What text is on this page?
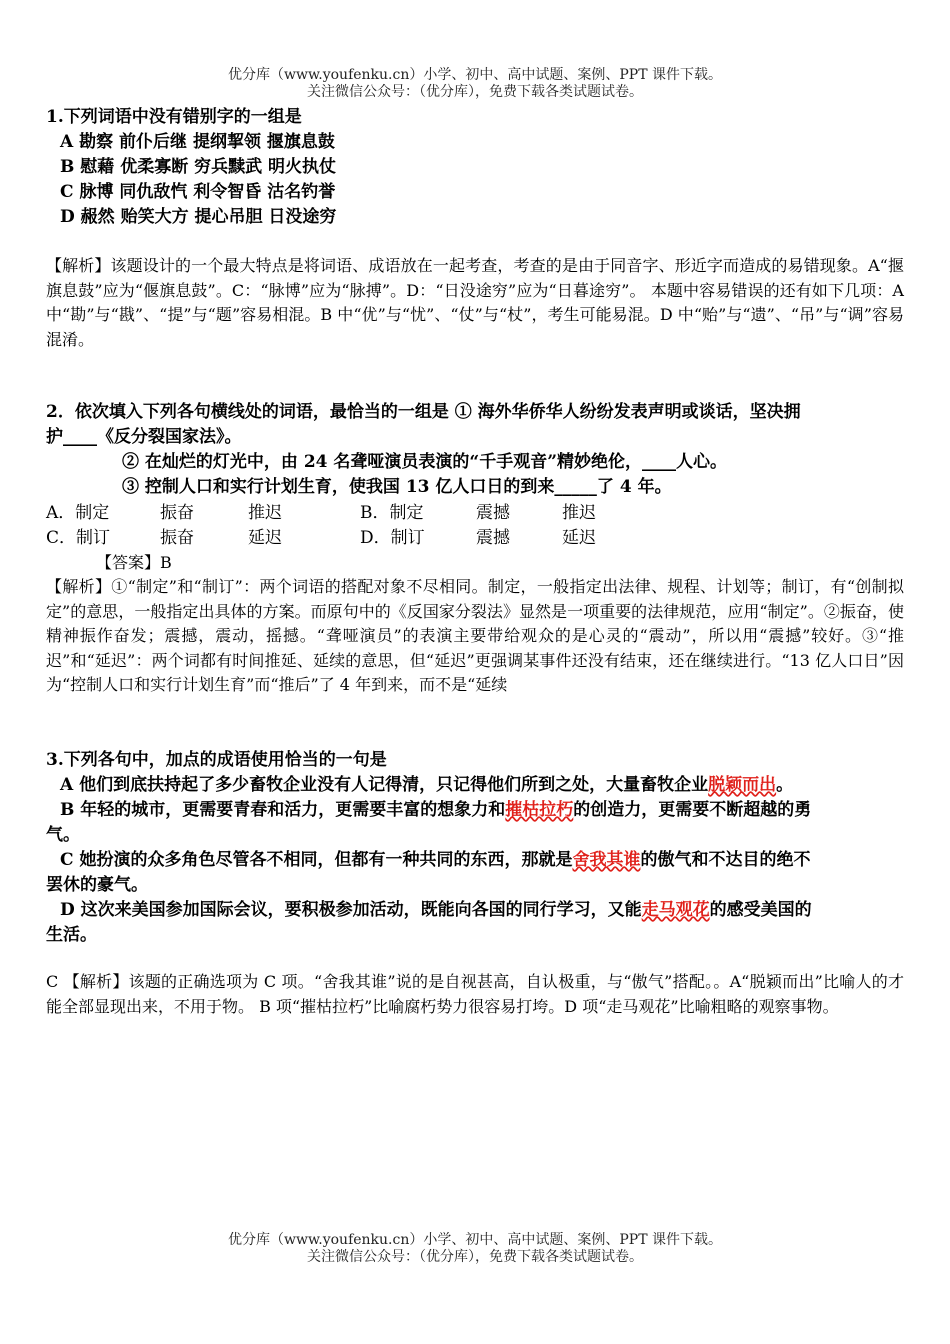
优分库（www.youfenku.cn）小学、初中、高中试题、案例、PPT 课件下载。
关注微信公众号：（优分库），免费下载各类试题试卷。
1.下列词语中没有错别字的一组是
A 勘察 前仆后继 提纲挈领 揠旗息鼓
B 慰藉 优柔寡断 穷兵黩武 明火执仗
C 脉博 同仇敌忾 利令智昏 沽名钓誉
D 赧然 贻笑大方 提心吊胆 日没途穷
【解析】该题设计的一个最大特点是将词语、成语放在一起考查，考查的是由于同音字、形近字而造成的易错现象。A“揠旗息鼓”应为“偃旗息鼓”。C：“脉博”应为“脉搏”。D：“日没途穷”应为“日暮途穷”。 本题中容易错误的还有如下几项：A 中“勘”与“戡”、“提”与“题”容易相混。B 中“优”与“忧”、“仗”与“杖”，考生可能易混。D 中“贻”与“遗”、“吊”与“调”容易混淆。
2．依次填入下列各句横线处的词语，最恰当的一组是 ① 海外华侨华人纷纷发表声明或谈话，坚决拥
护____《反分裂国家法》。
② 在灿烂的灯光中，由 24 名聋哑演员表演的“千手观音”精妙绝伦，____人心。
③ 控制人口和实行计划生育，使我国 13 亿人口日的到来_____了 4 年。
A．制定	振奋	推迟	B．制定	震撼	推迟
C．制订	振奋	延迟	D．制订	震撼	延迟
【答案】B
【解析】①“制定”和“制订”：两个词语的搭配对象不尽相同。制定，一般指定出法律、规程、计划等；制订，有“创制拟定”的意思，一般指定出具体的方案。而原句中的《反国家分裂法》显然是一项重要的法律规范，应用“制定”。②振奋，使精神振作奋发；震撼，震动，摇撼。“聋哑演员”的表演主要带给观众的是心灵的“震动”，所以用“震撼”较好。③“推迟”和“延迟”：两个词都有时间推延、延续的意思，但“延迟”更强调某事件还没有结束，还在继续进行。“13 亿人口日”因为“控制人口和实行计划生育”而“推后”了 4 年到来，而不是“延续
3.下列各句中，加点的成语使用恰当的一句是
A 他们到底扶持起了多少畜牧企业没有人记得清，只记得他们所到之处，大量畜牧企业脱颖而出。
B 年轻的城市，更需要青春和活力，更需要丰富的想象力和摧枯拉朽的创造力，更需要不断超越的勇
气。
C 她扮演的众多角色尽管各不相同，但都有一种共同的东西，那就是舍我其谁的傲气和不达目的绝不
罢休的豪气。
D 这次来美国参加国际会议，要积极参加活动，既能向各国的同行学习，又能走马观花的感受美国的
生活。
C 【解析】该题的正确选项为 C 项。“舍我其谁”说的是自视甚高，自认极重，与“傲气”搭配。。A“脱颖而出”比喻人的才能全部显现出来，不用于物。 B 项“摧枯拉朽”比喻腐朽势力很容易打垮。D 项“走马观花”比喻粗略的观察事物。
优分库（www.youfenku.cn）小学、初中、高中试题、案例、PPT 课件下载。
关注微信公众号：（优分库），免费下载各类试题试卷。
